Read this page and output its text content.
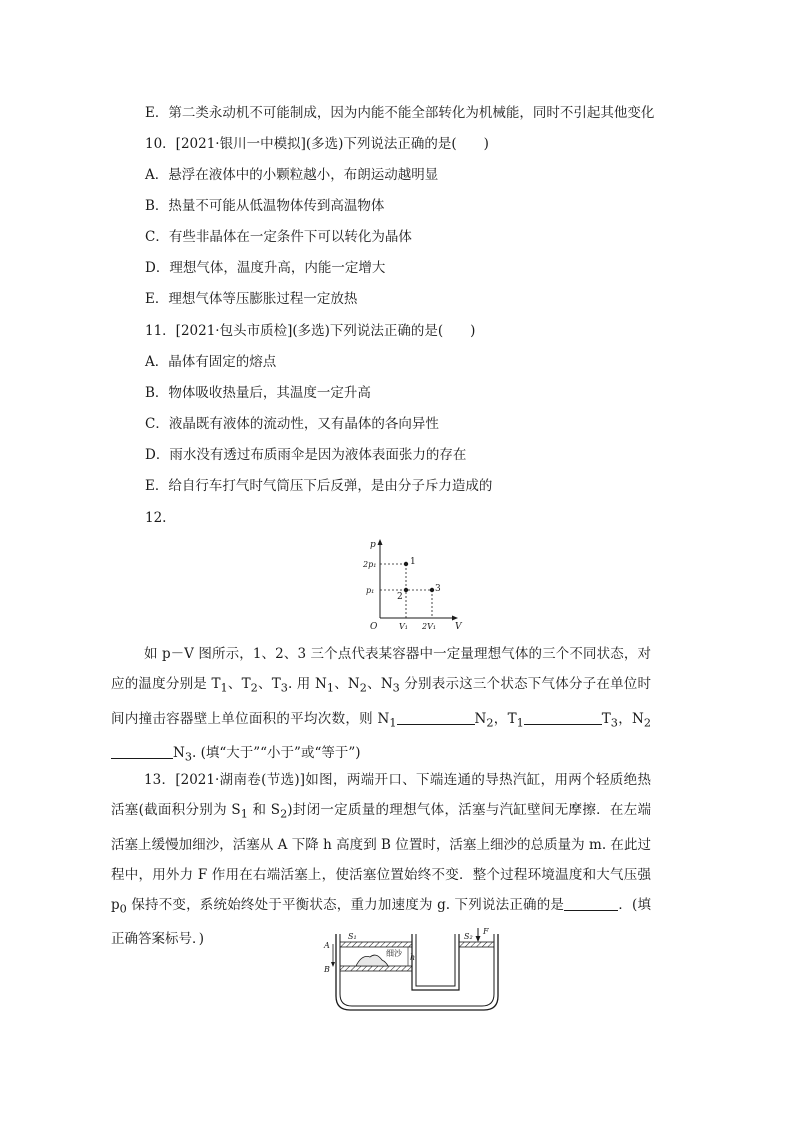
E．第二类永动机不可能制成，因为内能不能全部转化为机械能，同时不引起其他变化
10．[2021·银川一中模拟](多选)下列说法正确的是(　　)
A．悬浮在液体中的小颗粒越小，布朗运动越明显
B．热量不可能从低温物体传到高温物体
C．有些非晶体在一定条件下可以转化为晶体
D．理想气体，温度升高，内能一定增大
E．理想气体等压膨胀过程一定放热
11．[2021·包头市质检](多选)下列说法正确的是(　　)
A．晶体有固定的熔点
B．物体吸收热量后，其温度一定升高
C．液晶既有液体的流动性，又有晶体的各向异性
D．雨水没有透过布质雨伞是因为液体表面张力的存在
E．给自行车打气时气筒压下后反弹，是由分子斥力造成的
12.
p
V
O
2p₁
p₁
V₁ 2V₁
1
2
3
如 p－V 图所示，1、2、3 三个点代表某容器中一定量理想气体的三个不同状态，对应的温度分别是 $T_1$、$T_2$、$T_3$. 用 $N_1$、$N_2$、$N_3$ 分别表示这三个状态下气体分子在单位时间内撞击容器壁上单位面积的平均次数，则 $N_1$	$N_2$，$T_1$	$T_3$，$N_2N_3$. (填“大于”“小于”或“等于”)
13．[2021·湖南卷(节选)]如图，两端开口、下端连通的导热汽缸，用两个轻质绝热活塞(截面积分别为 $S_1$ 和 $S_2$)封闭一定质量的理想气体，活塞与汽缸壁间无摩擦．在左端活塞上缓慢加细沙，活塞从 A 下降 h 高度到 B 位置时，活塞上细沙的总质量为 m. 在此过程中，用外力 F 作用在右端活塞上，使活塞位置始终不变．整个过程环境温度和大气压强 $p_0$ 保持不变，系统始终处于平衡状态，重力加速度为 g. 下列说法正确的是	．(填正确答案标号．)	A
B
S₁	S₂
F
h
细沙
